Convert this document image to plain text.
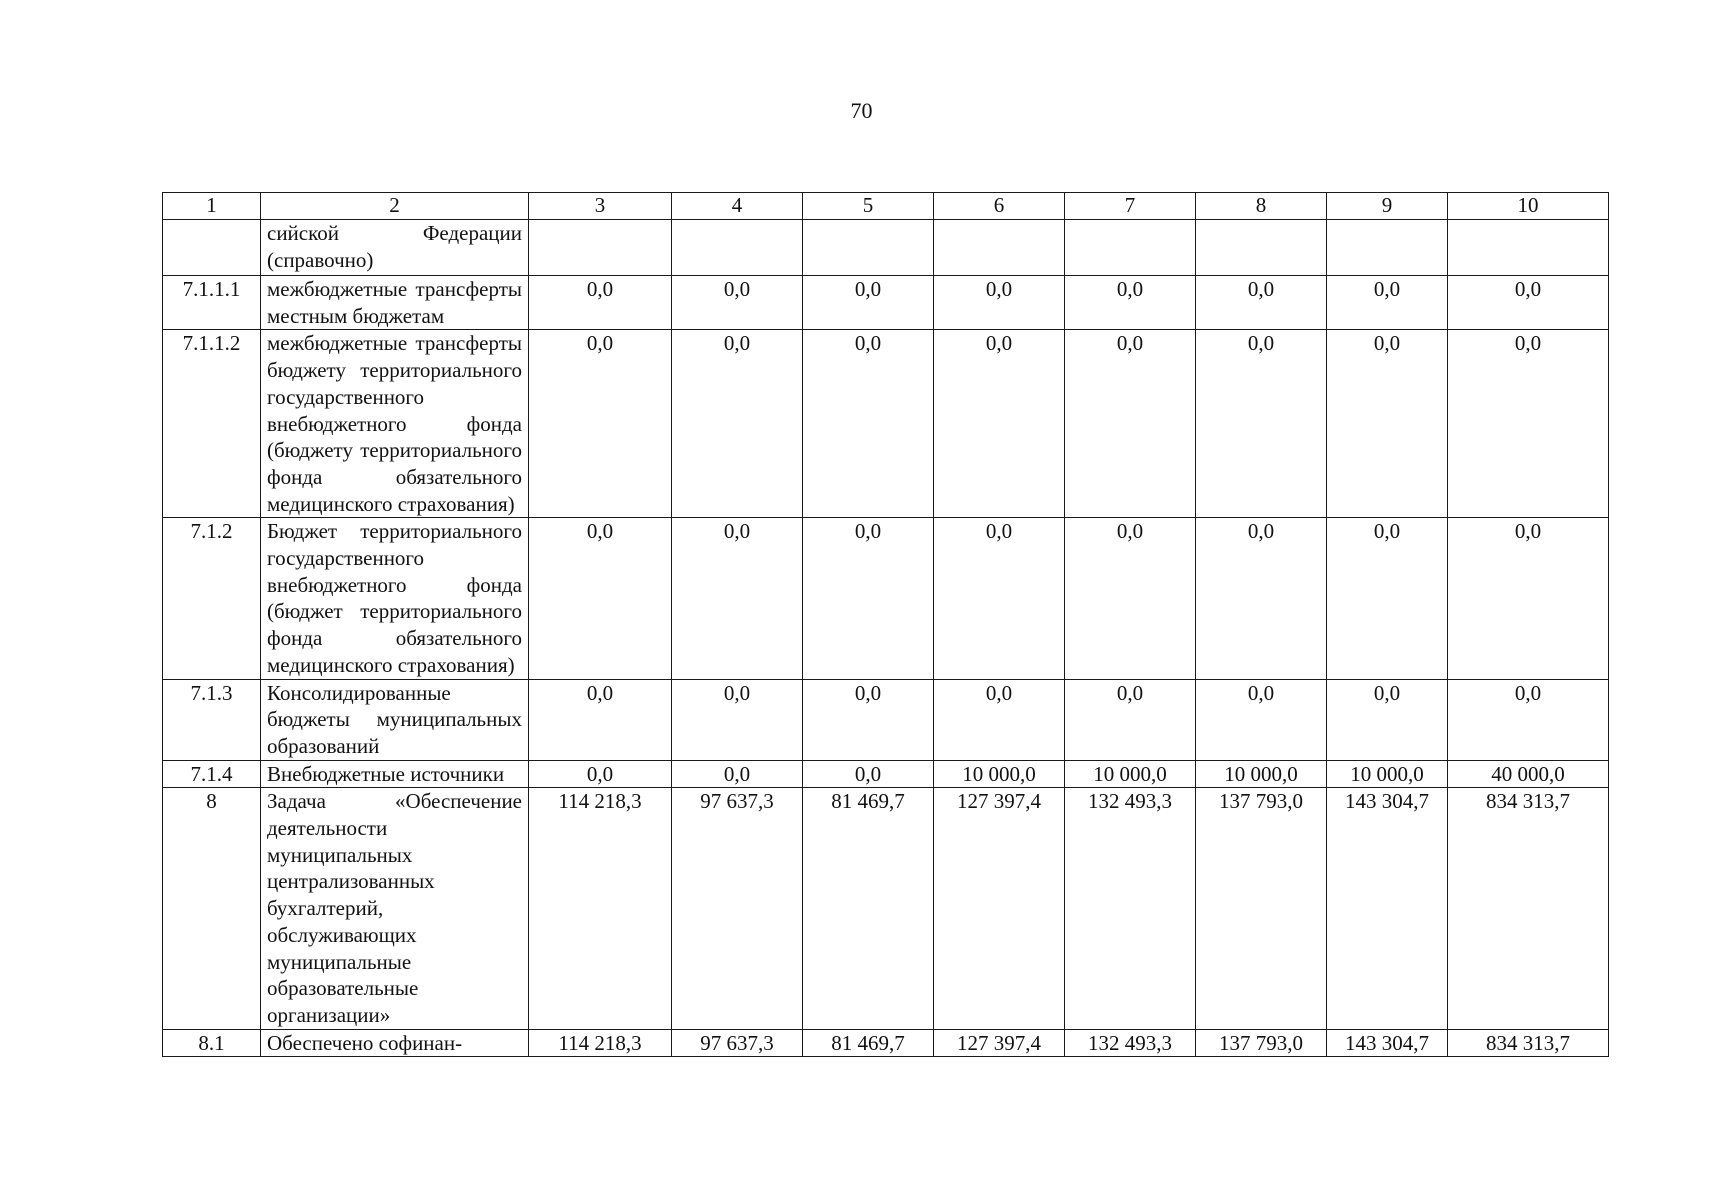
70
1	2	3	4	5	6	7	8	9	10
	сийской Федерации (справочно)								
7.1.1.1	межбюджетные трансферты местным бюджетам	0,0	0,0	0,0	0,0	0,0	0,0	0,0	0,0
7.1.1.2	межбюджетные трансферты бюджету территориального государственного внебюджетного фонда (бюджету территориального фонда обязательного медицинского страхования)	0,0	0,0	0,0	0,0	0,0	0,0	0,0	0,0
7.1.2	Бюджет территориального государственного внебюджетного фонда (бюджет территориального фонда обязательного медицинского страхования)	0,0	0,0	0,0	0,0	0,0	0,0	0,0	0,0
7.1.3	Консолидированные бюджеты муниципальных образований	0,0	0,0	0,0	0,0	0,0	0,0	0,0	0,0
7.1.4	Внебюджетные источники	0,0	0,0	0,0	10 000,0	10 000,0	10 000,0	10 000,0	40 000,0
8	Задача «Обеспечение деятельности муниципальных централизованных бухгалтерий, обслуживающих муниципальные образовательные организации»	114 218,3	97 637,3	81 469,7	127 397,4	132 493,3	137 793,0	143 304,7	834 313,7
8.1	Обеспечено софинан-	114 218,3	97 637,3	81 469,7	127 397,4	132 493,3	137 793,0	143 304,7	834 313,7
